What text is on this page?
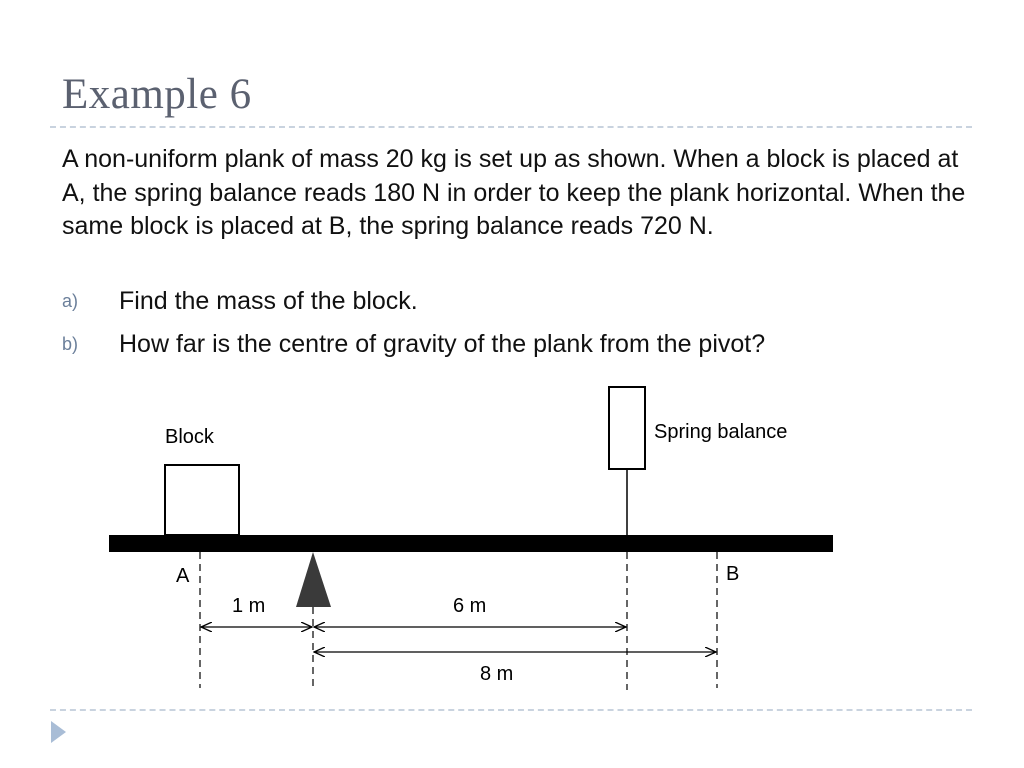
Example 6

A non-uniform plank of mass 20 kg is set up as shown. When a block is placed at A, the spring balance reads 180 N in order to keep the plank horizontal. When the same block is placed at B, the spring balance reads 720 N.

a) Find the mass of the block.
b) How far is the centre of gravity of the plank from the pivot?
Block	Spring balance
A	B
1 m	6 m
8 m
